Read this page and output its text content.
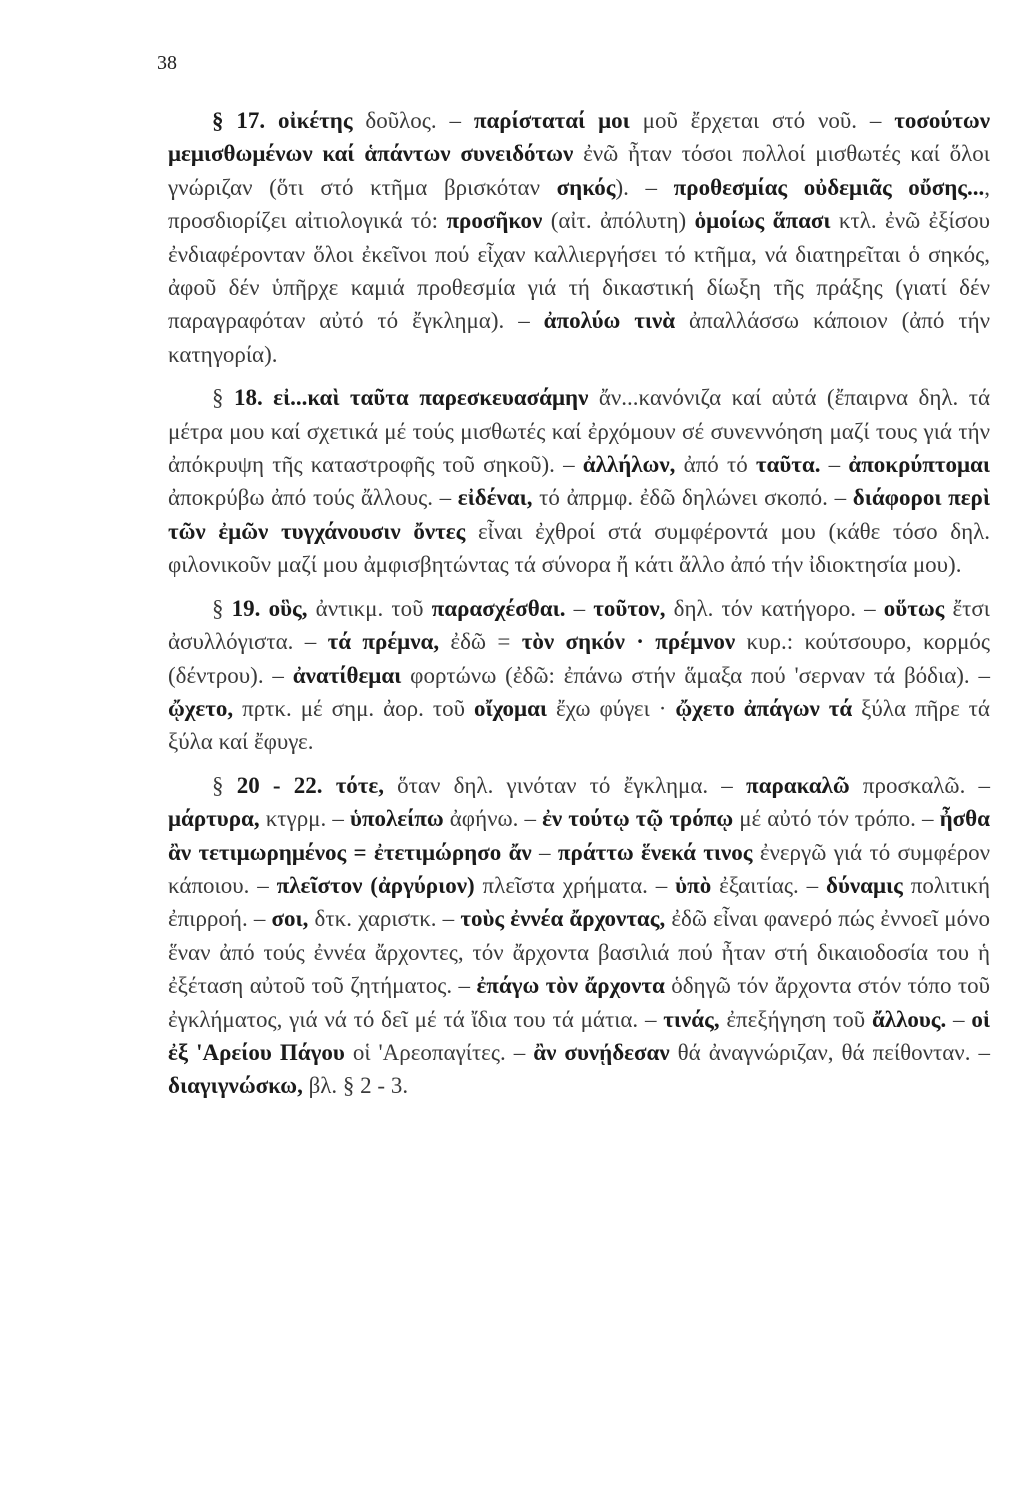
38

§ 17. οἰκέτης δοῦλος. – παρίσταταί μοι μοῦ ἔρχεται στό νοῦ. – τοσούτων μεμισθωμένων καί ἁπάντων συνειδότων ἐνῶ ἦταν τόσοι πολλοί μισθωτές καί ὅλοι γνώριζαν (ὅτι στό κτῆμα βρισκόταν σηκός). – προθεσμίας οὐδεμιᾶς οὔσης..., προσδιορίζει αἰτιολογικά τό: προσῆκον (αἰτ. ἀπόλυτη) ὁμοίως ἅπασι κτλ. ἐνῶ ἐξίσου ἐνδιαφέρονταν ὅλοι ἐκεῖνοι πού εἶχαν καλλιεργήσει τό κτῆμα, νά διατηρεῖται ὁ σηκός, ἀφοῦ δέν ὑπῆρχε καμιά προθεσμία γιά τή δικαστική δίωξη τῆς πράξης (γιατί δέν παραγραφόταν αὐτό τό ἔγκλημα). – ἀπολύω τινὰ ἀπαλλάσσω κάποιον (ἀπό τήν κατηγορία).

§ 18. εἰ...καὶ ταῦτα παρεσκευασάμην ἄν...κανόνιζα καί αὐτά (ἔπαιρνα δηλ. τά μέτρα μου καί σχετικά μέ τούς μισθωτές καί ἐρχόμουν σέ συνεννόηση μαζί τους γιά τήν ἀπόκρυψη τῆς καταστροφῆς τοῦ σηκοῦ). – ἀλλήλων, ἀπό τό ταῦτα. – ἀποκρύπτομαι ἀποκρύβω ἀπό τούς ἄλλους. – εἰδέναι, τό ἀπρμφ. ἐδῶ δηλώνει σκοπό. – διάφοροι περὶ τῶν ἐμῶν τυγχάνουσιν ὄντες εἶναι ἐχθροί στά συμφέροντά μου (κάθε τόσο δηλ. φιλονικοῦν μαζί μου ἀμφισβητώντας τά σύνορα ἤ κάτι ἄλλο ἀπό τήν ἰδιοκτησία μου).

§ 19. οὓς, ἀντικμ. τοῦ παρασχέσθαι. – τοῦτον, δηλ. τόν κατήγορο. – οὕτως ἔτσι ἀσυλλόγιστα. – τά πρέμνα, ἐδῶ = τὸν σηκόν · πρέμνον κυρ.: κούτσουρο, κορμός (δέντρου). – ἀνατίθεμαι φορτώνω (ἐδῶ: ἐπάνω στήν ἅμαξα πού 'σερναν τά βόδια). – ᾤχετο, πρτκ. μέ σημ. ἀορ. τοῦ οἴχομαι ἔχω φύγει · ᾤχετο ἀπάγων τά ξύλα πῆρε τά ξύλα καί ἔφυγε.

§ 20 - 22. τότε, ὅταν δηλ. γινόταν τό ἔγκλημα. – παρακαλῶ προσκαλῶ. – μάρτυρα, κτγρμ. – ὑπολείπω ἀφήνω. – ἐν τούτῳ τῷ τρόπῳ μέ αὐτό τόν τρόπο. – ἦσθα ἂν τετιμωρημένος = ἐτετιμώρησο ἄν – πράττω ἕνεκά τινος ἐνεργῶ γιά τό συμφέρον κάποιου. – πλεῖστον (ἀργύριον) πλεῖστα χρήματα. – ὑπὸ ἐξαιτίας. – δύναμις πολιτική ἐπιρροή. – σοι, δτκ. χαριστκ. – τοὺς ἐννέα ἄρχοντας, ἐδῶ εἶναι φανερό πώς ἐννοεῖ μόνο ἕναν ἀπό τούς ἐννέα ἄρχοντες, τόν ἄρχοντα βασιλιά πού ἦταν στή δικαιοδοσία του ἡ ἐξέταση αὐτοῦ τοῦ ζητήματος. – ἐπάγω τὸν ἄρχοντα ὁδηγῶ τόν ἄρχοντα στόν τόπο τοῦ ἐγκλήματος, γιά νά τό δεῖ μέ τά ἴδια του τά μάτια. – τινάς, ἐπεξήγηση τοῦ ἄλλους. – οἱ ἐξ 'Αρείου Πάγου οἱ 'Αρεοπαγίτες. – ἂν συνῄδεσαν θά ἀναγνώριζαν, θά πείθονταν. – διαγιγνώσκω, βλ. § 2 - 3.
